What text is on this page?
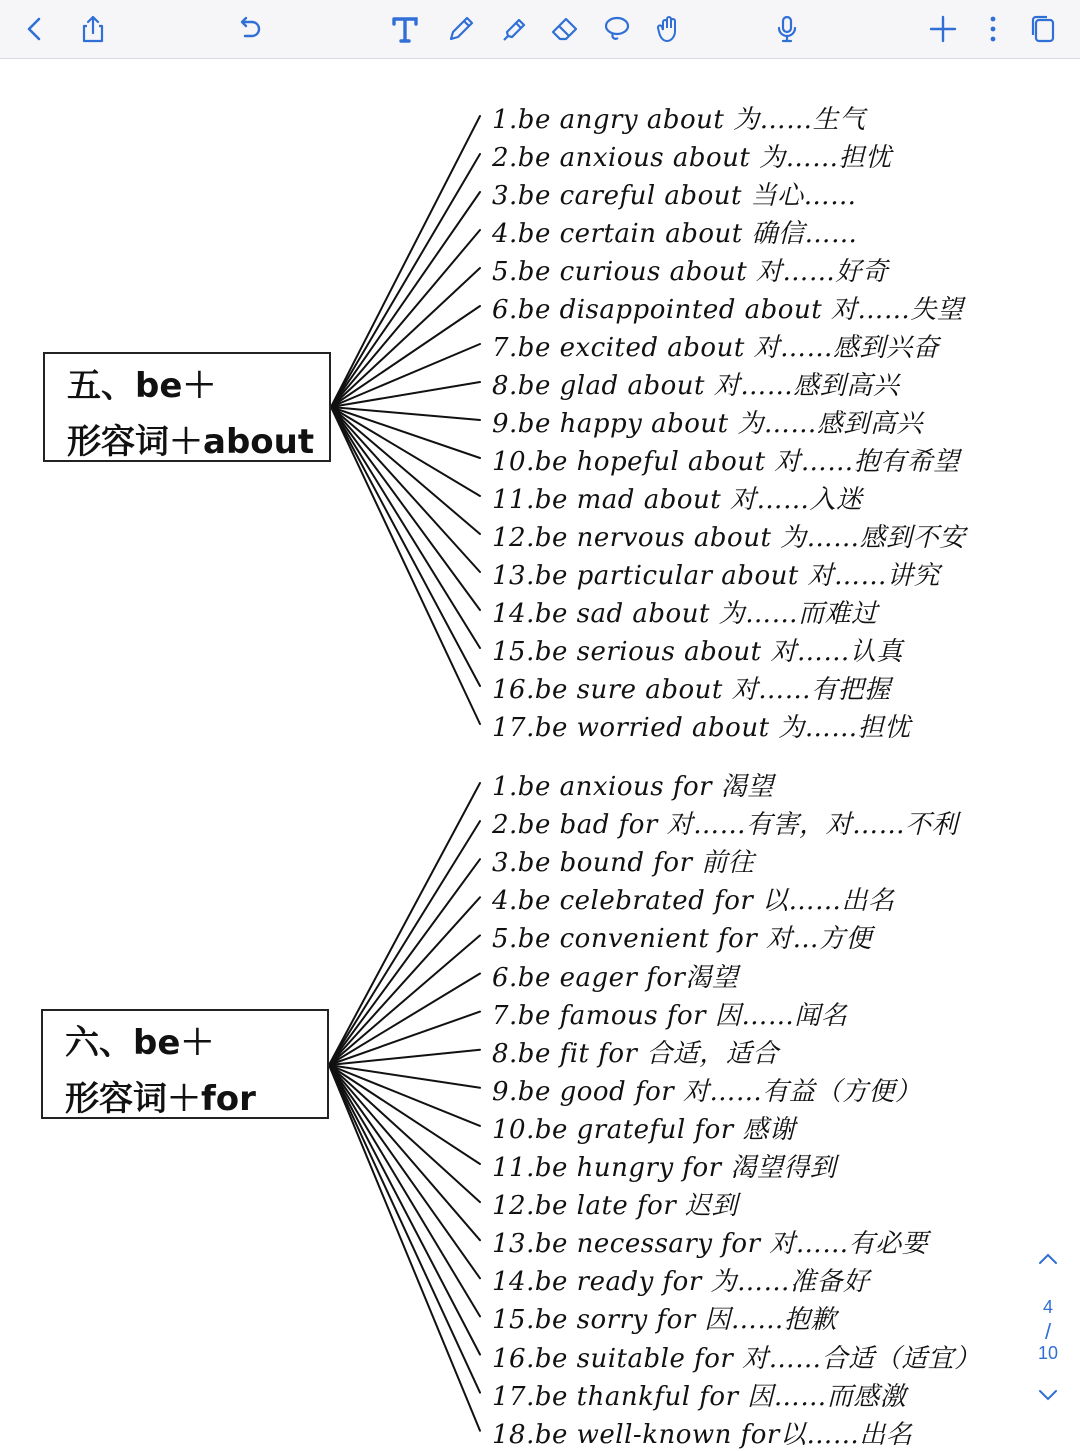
五、be＋
形容词＋about
六、be＋
形容词＋for
1.be angry about 为……生气
2.be anxious about 为……担忧
3.be careful about 当心……
4.be certain about 确信……
5.be curious about 对……好奇
6.be disappointed about 对……失望
7.be excited about 对……感到兴奋
8.be glad about 对……感到高兴
9.be happy about 为……感到高兴
10.be hopeful about 对……抱有希望
11.be mad about 对……入迷
12.be nervous about 为……感到不安
13.be particular about 对……讲究
14.be sad about 为……而难过
15.be serious about 对……认真
16.be sure about 对……有把握
17.be worried about 为……担忧
1.be anxious for 渴望
2.be bad for 对……有害，对……不利
3.be bound for 前往
4.be celebrated for 以……出名
5.be convenient for 对…方便
6.be eager for渴望
7.be famous for 因……闻名
8.be fit for 合适，适合
9.be good for 对……有益（方便）
10.be grateful for 感谢
11.be hungry for 渴望得到
12.be late for 迟到
13.be necessary for 对……有必要
14.be ready for 为……准备好
15.be sorry for 因……抱歉
16.be suitable for 对……合适（适宜）
17.be thankful for 因……而感激
18.be well-known for以……出名
4
/
10
